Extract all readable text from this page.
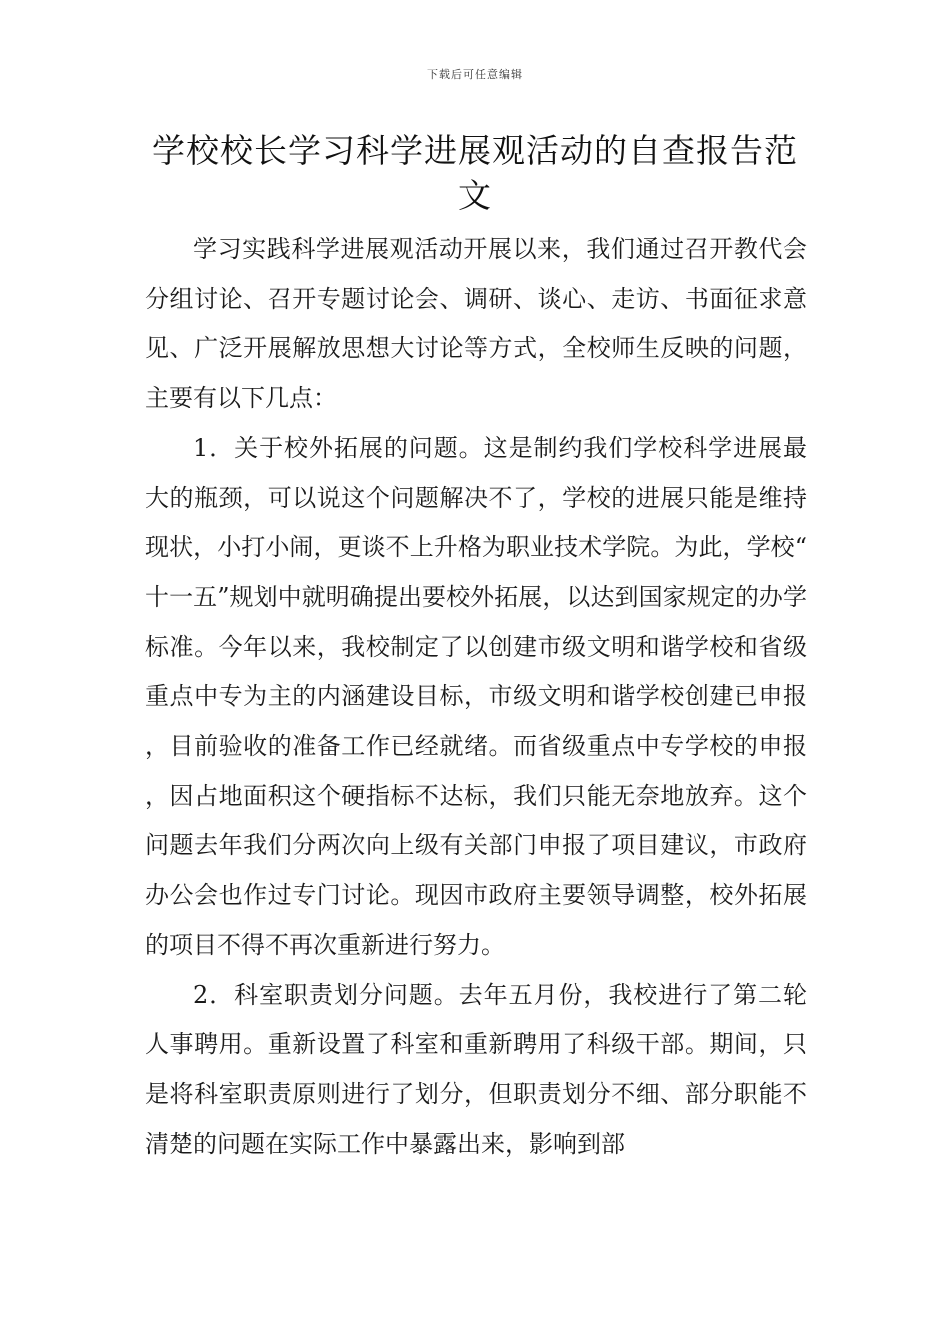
下载后可任意编辑
学校校长学习科学进展观活动的自查报告范文

学习实践科学进展观活动开展以来，我们通过召开教代会分组讨论、召开专题讨论会、调研、谈心、走访、书面征求意见、广泛开展解放思想大讨论等方式，全校师生反映的问题，主要有以下几点：

1．关于校外拓展的问题。这是制约我们学校科学进展最大的瓶颈，可以说这个问题解决不了，学校的进展只能是维持现状，小打小闹，更谈不上升格为职业技术学院。为此，学校“十一五”规划中就明确提出要校外拓展，以达到国家规定的办学标准。今年以来，我校制定了以创建市级文明和谐学校和省级重点中专为主的内涵建设目标，市级文明和谐学校创建已申报，目前验收的准备工作已经就绪。而省级重点中专学校的申报，因占地面积这个硬指标不达标，我们只能无奈地放弃。这个问题去年我们分两次向上级有关部门申报了项目建议，市政府办公会也作过专门讨论。现因市政府主要领导调整，校外拓展的项目不得不再次重新进行努力。

2．科室职责划分问题。去年五月份，我校进行了第二轮人事聘用。重新设置了科室和重新聘用了科级干部。期间，只是将科室职责原则进行了划分，但职责划分不细、部分职能不清楚的问题在实际工作中暴露出来，影响到部
